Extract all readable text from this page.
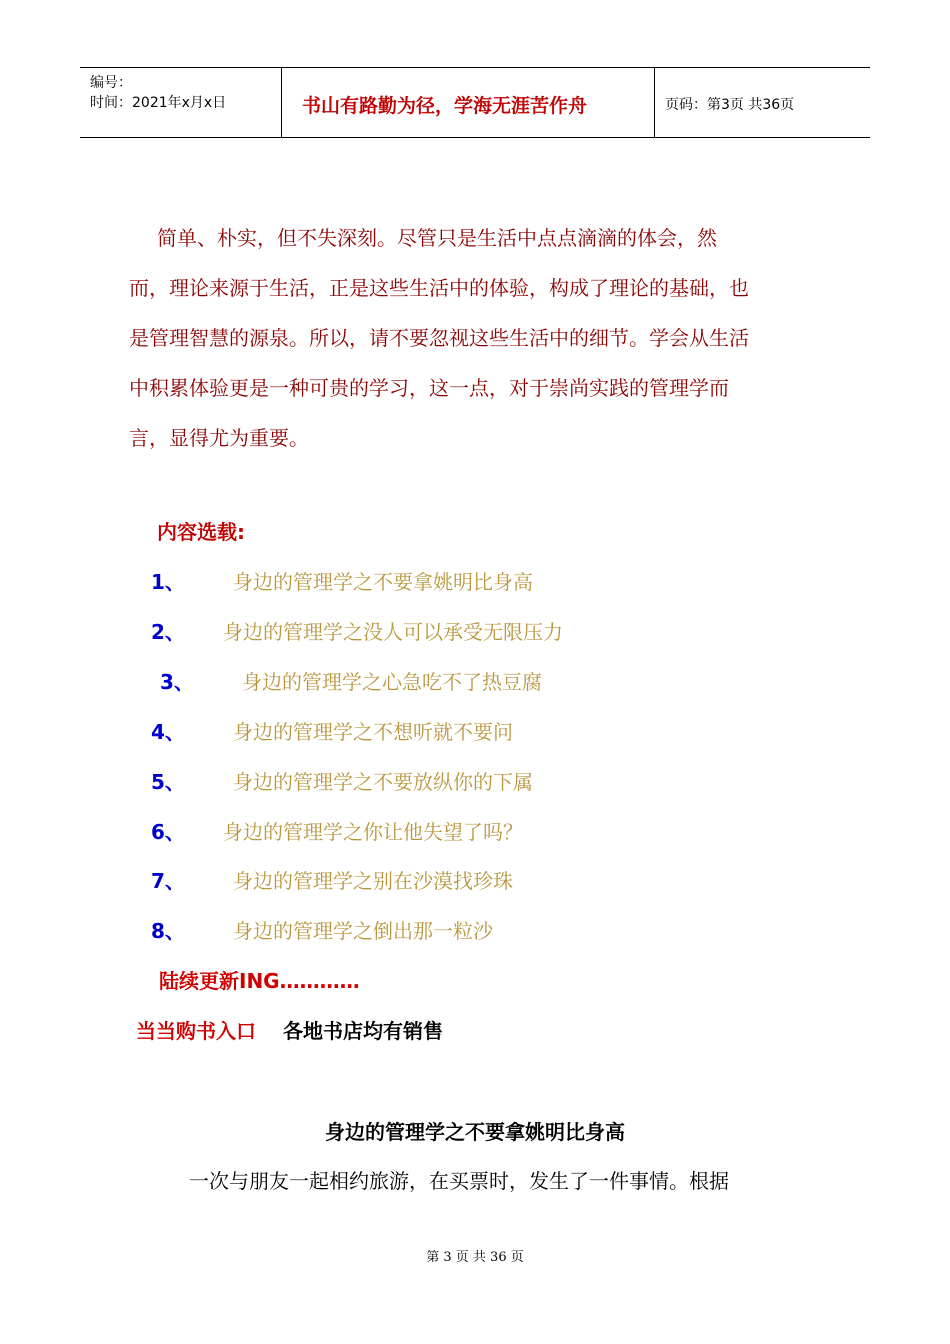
编号：
时间：2021年x月x日	书山有路勤为径，学海无涯苦作舟	页码：第3页 共36页
简单、朴实，但不失深刻。尽管只是生活中点点滴滴的体会，然
而，理论来源于生活，正是这些生活中的体验，构成了理论的基础，也
是管理智慧的源泉。所以，请不要忽视这些生活中的细节。学会从生活
中积累体验更是一种可贵的学习，这一点，对于崇尚实践的管理学而
言，显得尤为重要。
内容选载:
1、 身边的管理学之不要拿姚明比身高
2、 身边的管理学之没人可以承受无限压力
3、 身边的管理学之心急吃不了热豆腐
4、 身边的管理学之不想听就不要问
5、 身边的管理学之不要放纵你的下属
6、 身边的管理学之你让他失望了吗？
7、 身边的管理学之别在沙漠找珍珠
8、 身边的管理学之倒出那一粒沙
陆续更新ING…………
当当购书入口 各地书店均有销售
身边的管理学之不要拿姚明比身高
一次与朋友一起相约旅游，在买票时，发生了一件事情。根据
第 3 页 共 36 页
